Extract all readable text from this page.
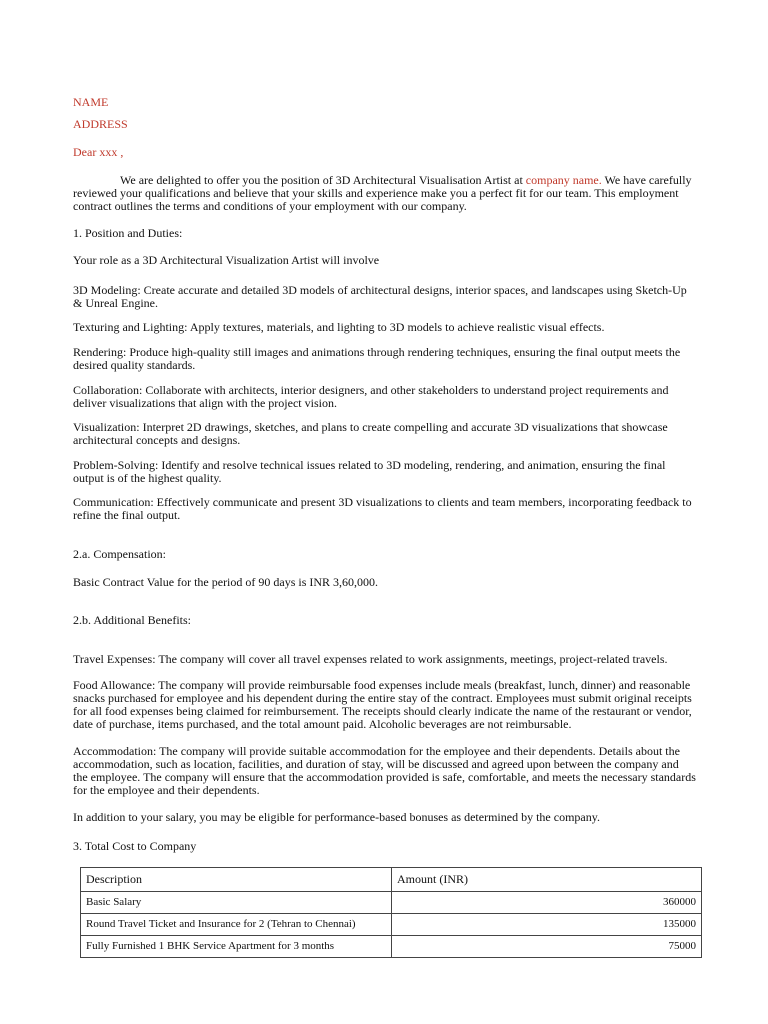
NAME
ADDRESS
Dear xxx ,

We are delighted to offer you the position of 3D Architectural Visualisation Artist at company name. We have carefully reviewed your qualifications and believe that your skills and experience make you a perfect fit for our team. This employment contract outlines the terms and conditions of your employment with our company.

1. Position and Duties:
Your role as a 3D Architectural Visualization Artist will involve

3D Modeling: Create accurate and detailed 3D models of architectural designs, interior spaces, and landscapes using Sketch-Up & Unreal Engine.

Texturing and Lighting: Apply textures, materials, and lighting to 3D models to achieve realistic visual effects.

Rendering: Produce high-quality still images and animations through rendering techniques, ensuring the final output meets the desired quality standards.

Collaboration: Collaborate with architects, interior designers, and other stakeholders to understand project requirements and deliver visualizations that align with the project vision.

Visualization: Interpret 2D drawings, sketches, and plans to create compelling and accurate 3D visualizations that showcase architectural concepts and designs.

Problem-Solving: Identify and resolve technical issues related to 3D modeling, rendering, and animation, ensuring the final output is of the highest quality.

Communication: Effectively communicate and present 3D visualizations to clients and team members, incorporating feedback to refine the final output.

2.a. Compensation:
Basic Contract Value for the period of 90 days is INR 3,60,000.
2.b. Additional Benefits:

Travel Expenses: The company will cover all travel expenses related to work assignments, meetings, project-related travels.

Food Allowance: The company will provide reimbursable food expenses include meals (breakfast, lunch, dinner) and reasonable snacks purchased for employee and his dependent during the entire stay of the contract. Employees must submit original receipts for all food expenses being claimed for reimbursement. The receipts should clearly indicate the name of the restaurant or vendor, date of purchase, items purchased, and the total amount paid. Alcoholic beverages are not reimbursable.

Accommodation: The company will provide suitable accommodation for the employee and their dependents. Details about the accommodation, such as location, facilities, and duration of stay, will be discussed and agreed upon between the company and the employee. The company will ensure that the accommodation provided is safe, comfortable, and meets the necessary standards for the employee and their dependents.

In addition to your salary, you may be eligible for performance-based bonuses as determined by the company.
3. Total Cost to Company
Description	Amount (INR)
Basic Salary	360000
Round Travel Ticket and Insurance for 2 (Tehran to Chennai)	135000
Fully Furnished 1 BHK Service Apartment for 3 months	75000
